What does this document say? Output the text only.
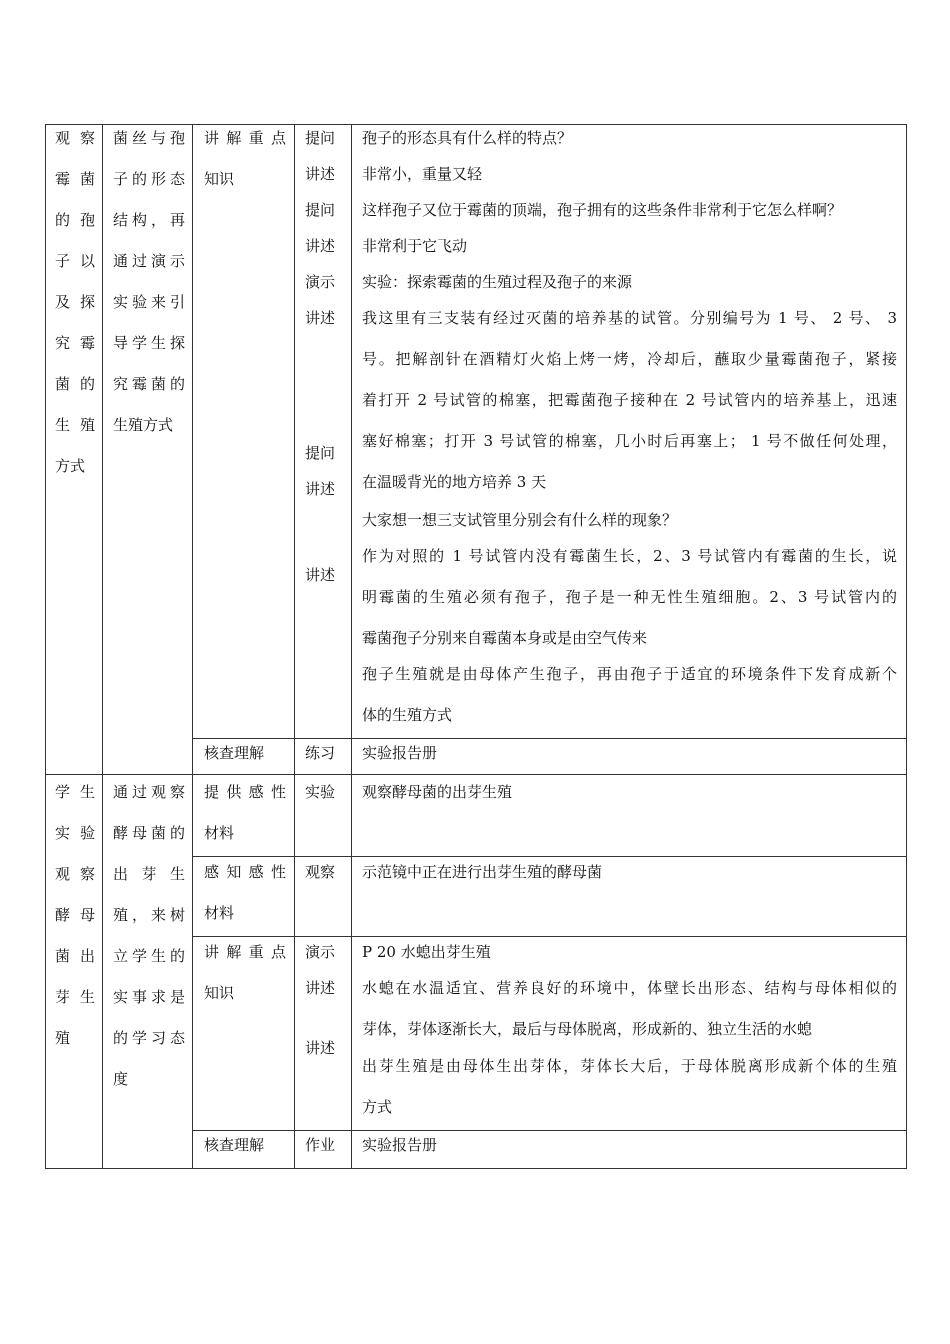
观 察
霉 菌
的 孢
子 以
及 探
究 霉
菌 的
生 殖
方式
菌丝与孢
子的形态
结构，再
通过演示
实验来引
导学生探
究霉菌的
生殖方式
讲 解 重 点
知识
提问
讲述
提问
讲述
演示
讲述
提问
讲述
讲述
孢子的形态具有什么样的特点？
非常小，重量又轻
这样孢子又位于霉菌的顶端，孢子拥有的这些条件非常利于它怎么样啊？
非常利于它飞动
实验：探索霉菌的生殖过程及孢子的来源
我这里有三支装有经过灭菌的培养基的试管。分别编号为 1 号、 2 号、 3
号。把解剖针在酒精灯火焰上烤一烤，冷却后，蘸取少量霉菌孢子，紧接
着打开 2 号试管的棉塞，把霉菌孢子接种在 2 号试管内的培养基上，迅速
塞好棉塞；打开 3 号试管的棉塞，几小时后再塞上； 1 号不做任何处理，
在温暖背光的地方培养 3 天
大家想一想三支试管里分别会有什么样的现象？
作为对照的 1 号试管内没有霉菌生长，2、3 号试管内有霉菌的生长，说
明霉菌的生殖必须有孢子，孢子是一种无性生殖细胞。2、3 号试管内的
霉菌孢子分别来自霉菌本身或是由空气传来
孢子生殖就是由母体产生孢子，再由孢子于适宜的环境条件下发育成新个
体的生殖方式
核查理解	练习 实验报告册
学 生
实 验
观 察
酵 母
菌 出
芽 生
殖
通过观察
酵母菌的
出 芽 生
殖，来树
立学生的
实事求是
的学习态
度
提 供 感 性
材料
实验 观察酵母菌的出芽生殖
感 知 感 性
材料
观察 示范镜中正在进行出芽生殖的酵母菌
讲 解 重 点
知识
演示
讲述
讲述
P 20 水螅出芽生殖
水螅在水温适宜、营养良好的环境中，体壁长出形态、结构与母体相似的
芽体，芽体逐渐长大，最后与母体脱离，形成新的、独立生活的水螅
出芽生殖是由母体生出芽体，芽体长大后，于母体脱离形成新个体的生殖
方式
核查理解	作业 实验报告册
